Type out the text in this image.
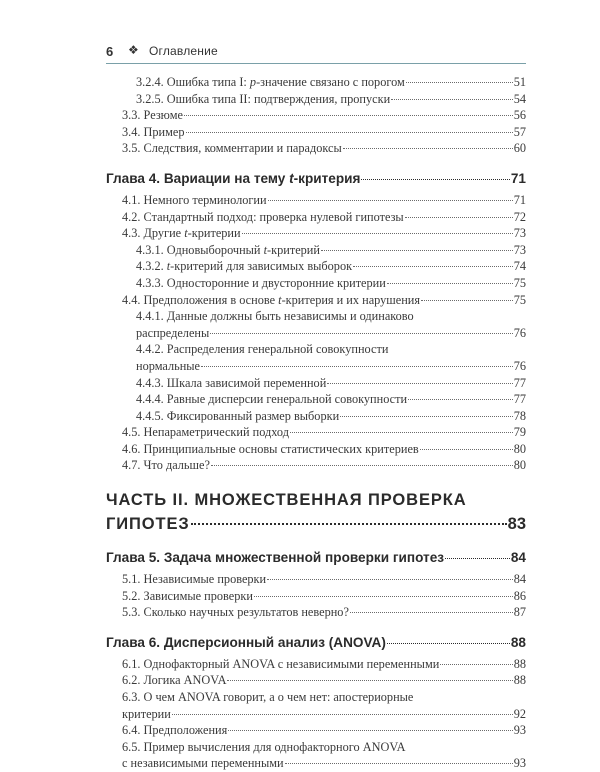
6 ❖ Оглавление
3.2.4. Ошибка типа I: p-значение связано с порогом	51
3.2.5. Ошибка типа II: подтверждения, пропуски	54
3.3. Резюме	56
3.4. Пример	57
3.5. Следствия, комментарии и парадоксы	60
Глава 4. Вариации на тему t-критерия	71
4.1. Немного терминологии	71
4.2. Стандартный подход: проверка нулевой гипотезы	72
4.3. Другие t-критерии	73
4.3.1. Одновыборочный t-критерий	73
4.3.2. t-критерий для зависимых выборок	74
4.3.3. Односторонние и двусторонние критерии	75
4.4. Предположения в основе t-критерия и их нарушения	75
4.4.1. Данные должны быть независимы и одинаково
распределены	76
4.4.2. Распределения генеральной совокупности
нормальные	76
4.4.3. Шкала зависимой переменной	77
4.4.4. Равные дисперсии генеральной совокупности	77
4.4.5. Фиксированный размер выборки	78
4.5. Непараметрический подход	79
4.6. Принципиальные основы статистических критериев	80
4.7. Что дальше?	80
ЧАСТЬ II. МНОЖЕСТВЕННАЯ ПРОВЕРКА
ГИПОТЕЗ	83
Глава 5. Задача множественной проверки гипотез	84
5.1. Независимые проверки	84
5.2. Зависимые проверки	86
5.3. Сколько научных результатов неверно?	87
Глава 6. Дисперсионный анализ (ANOVA)	88
6.1. Однофакторный ANOVA с независимыми переменными	88
6.2. Логика ANOVA	88
6.3. О чем ANOVA говорит, а о чем нет: апостериорные
критерии	92
6.4. Предположения	93
6.5. Пример вычисления для однофакторного ANOVA
с независимыми переменными	93
